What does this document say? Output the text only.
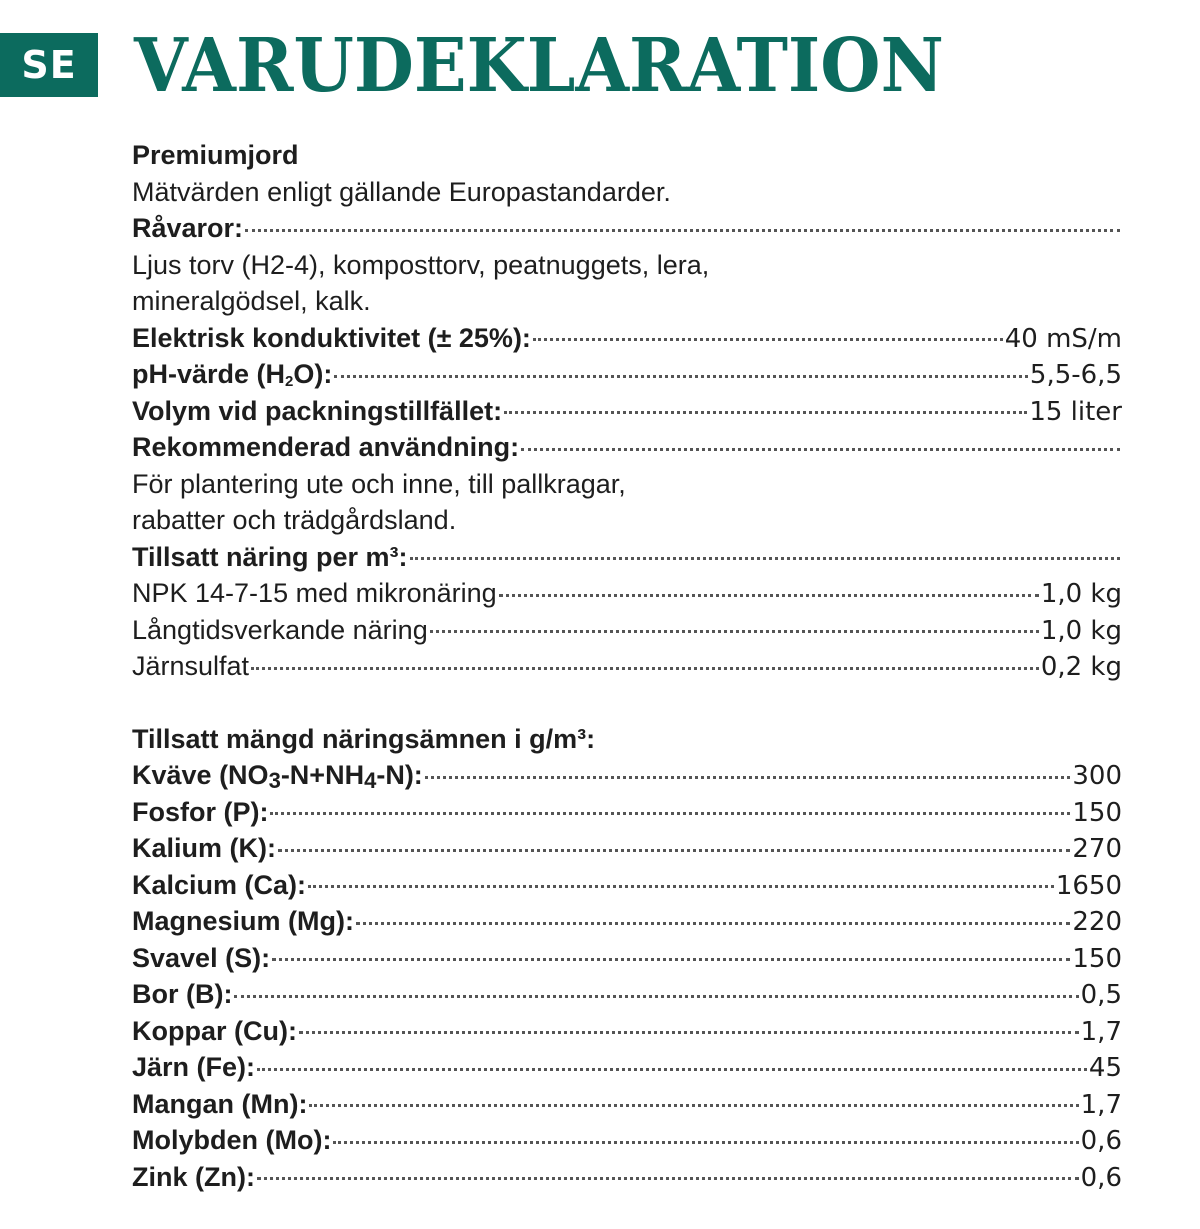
SE VARUDEKLARATION
Premiumjord
Mätvärden enligt gällande Europastandarder.
Råvaror:
Ljus torv (H2-4), komposttorv, peatnuggets, lera,
mineralgödsel, kalk.
Elektrisk konduktivitet (± 25%):	40 mS/m
pH-värde $(H_2O)$:	5,5-6,5
Volym vid packningstillfället:	15 liter
Rekommenderad användning:
För plantering ute och inne, till pallkragar,
rabatter och trädgårdsland.
Tillsatt näring per m³:
NPK 14-7-15 med mikronäring	1,0 kg
Långtidsverkande näring	1,0 kg
Järnsulfat	0,2 kg
Tillsatt mängd näringsämnen i g/m³:
Kväve $(NO_3-N+NH_4-N)$:	300
Fosfor (P):	150
Kalium (K):	270
Kalcium (Ca):	1650
Magnesium (Mg):	220
Svavel (S):	150
Bor (B):	0,5
Koppar (Cu):	1,7
Järn (Fe):	45
Mangan (Mn):	1,7
Molybden (Mo):	0,6
Zink (Zn):	0,6
